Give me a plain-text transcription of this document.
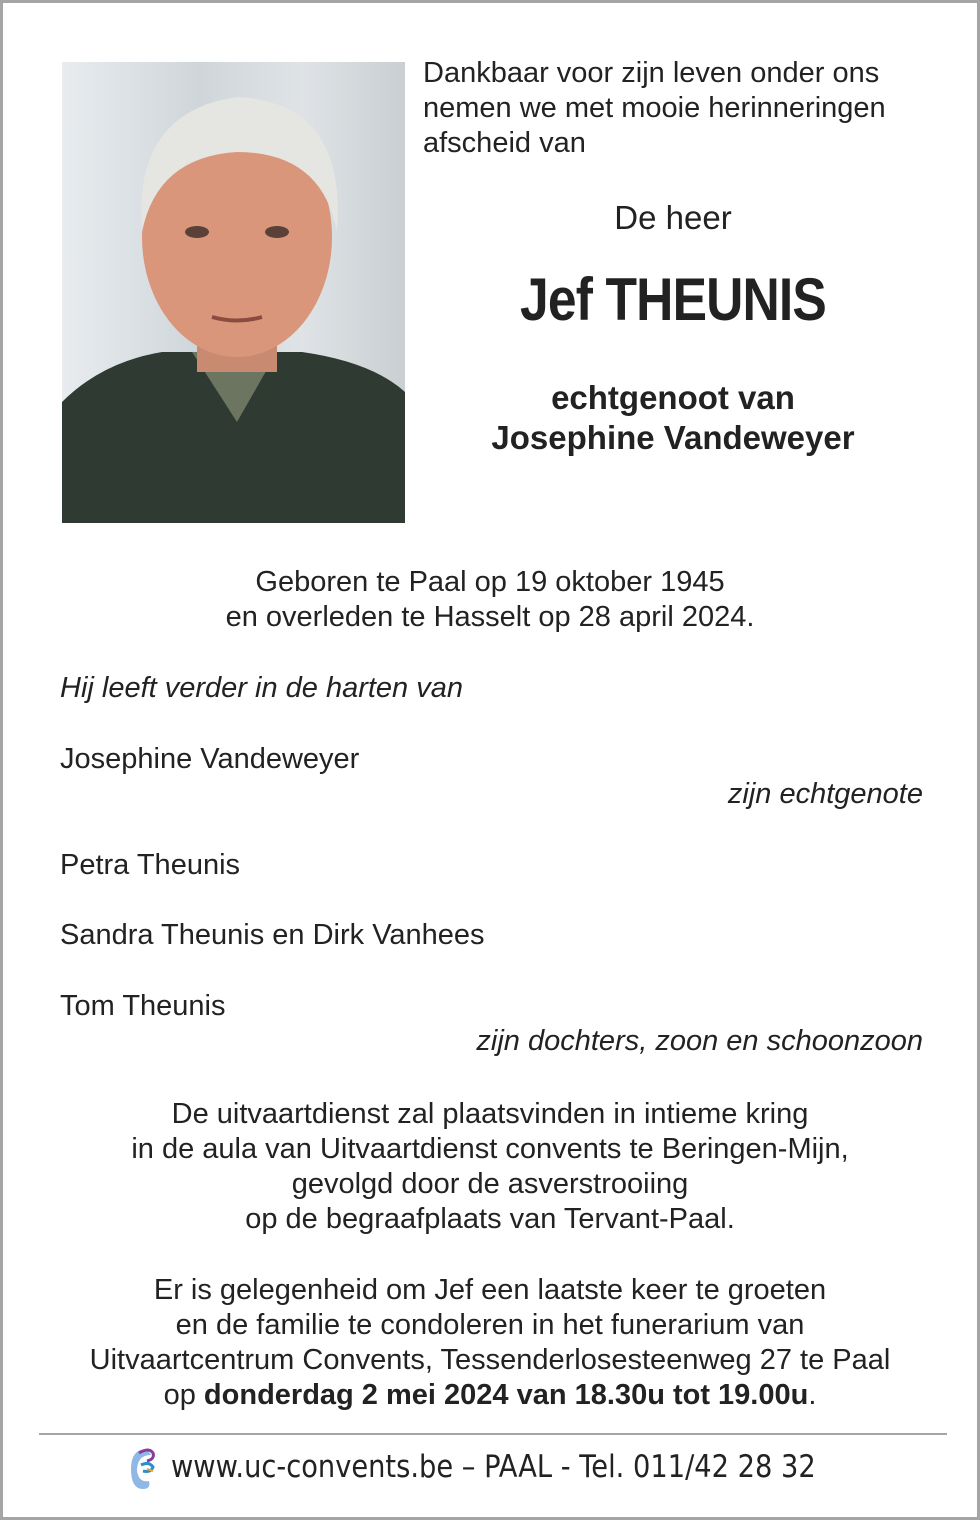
Dankbaar voor zijn leven onder ons
nemen we met mooie herinneringen
afscheid van
De heer
Jef THEUNIS
echtgenoot van
Josephine Vandeweyer
Geboren te Paal op 19 oktober 1945
en overleden te Hasselt op 28 april 2024.
Hij leeft verder in de harten van
Josephine Vandeweyer
zijn echtgenote
Petra Theunis
Sandra Theunis en Dirk Vanhees
Tom Theunis
zijn dochters, zoon en schoonzoon
De uitvaartdienst zal plaatsvinden in intieme kring
in de aula van Uitvaartdienst convents te Beringen-Mijn,
gevolgd door de asverstrooiing
op de begraafplaats van Tervant-Paal.
Er is gelegenheid om Jef een laatste keer te groeten
en de familie te condoleren in het funerarium van
Uitvaartcentrum Convents, Tessenderlosesteenweg 27 te Paal
op donderdag 2 mei 2024 van 18.30u tot 19.00u.
www.uc-convents.be – PAAL - Tel. 011/42 28 32
